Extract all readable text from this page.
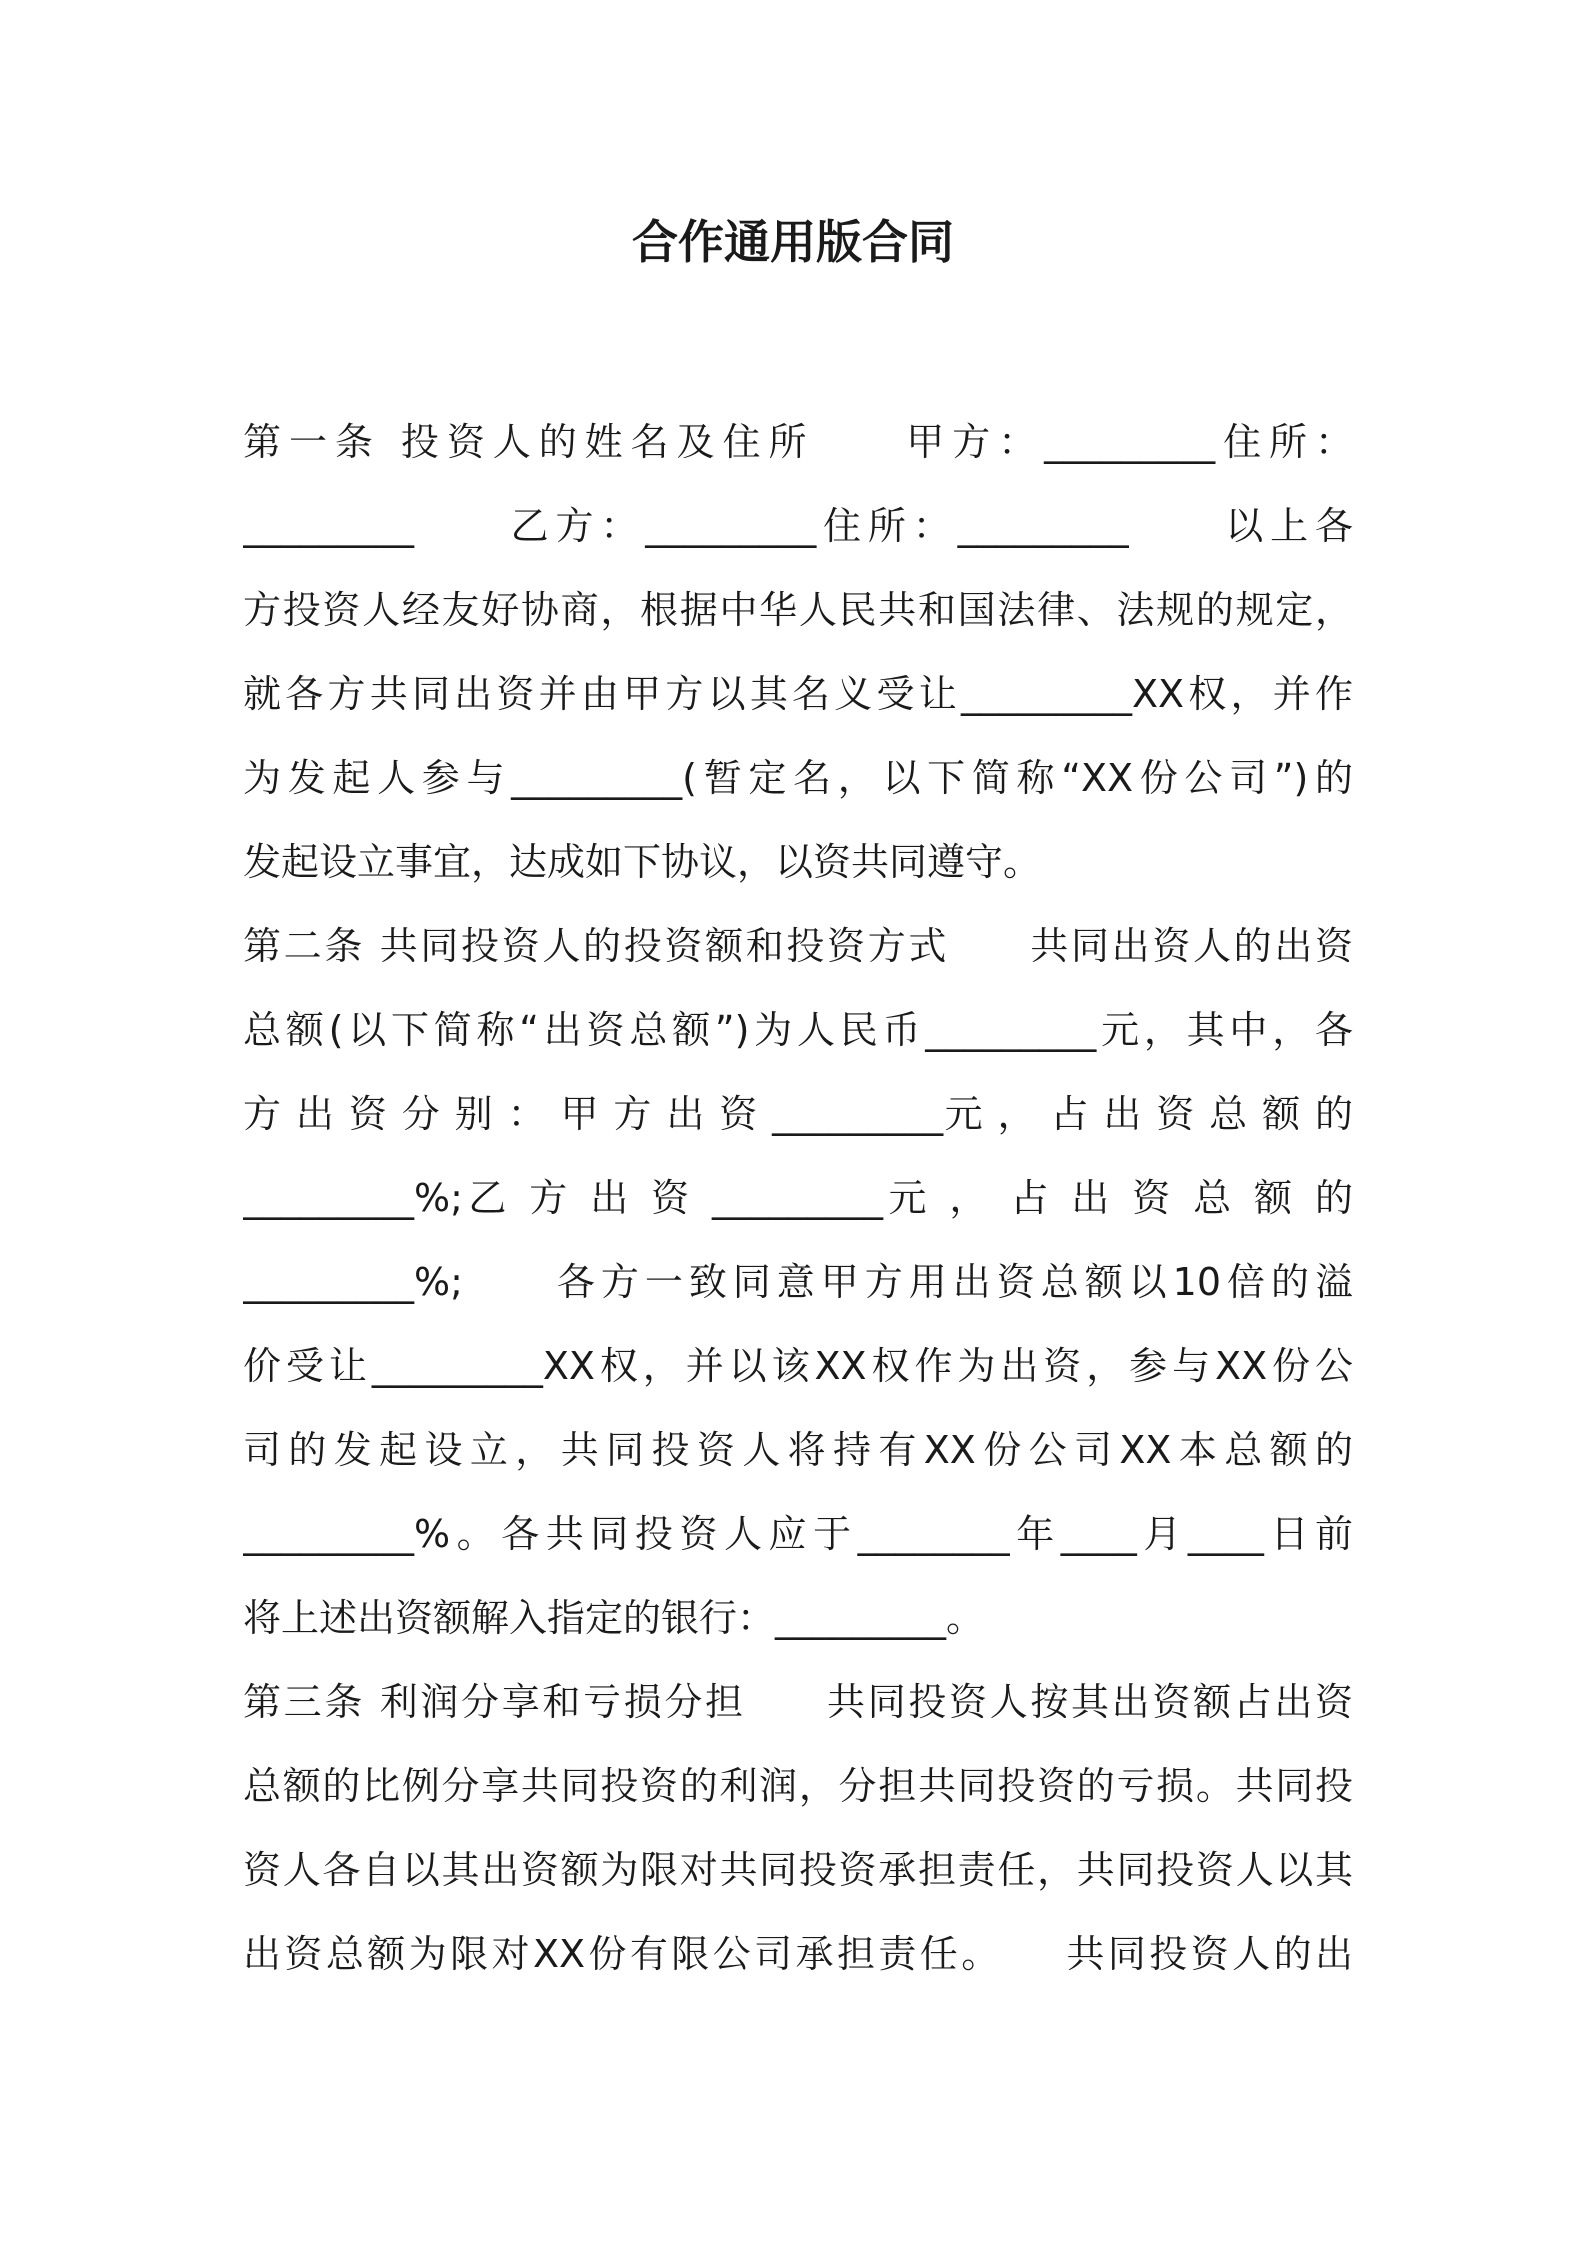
合作通用版合同
第一条 投资人的姓名及住所　　甲方：_________住所：
_________　　乙方：_________住所：_________　　以上各
方投资人经友好协商，根据中华人民共和国法律、法规的规定，
就各方共同出资并由甲方以其名义受让_________XX权，并作
为发起人参与_________(暂定名，以下简称“XX份公司”)的
发起设立事宜，达成如下协议，以资共同遵守。
第二条 共同投资人的投资额和投资方式　　共同出资人的出资
总额(以下简称“出资总额”)为人民币_________元，其中，各
方 出 资 分 别 ： 甲 方 出 资 _________元 ， 占 出 资 总 额 的
_________%;乙 方 出 资 _________元 ， 占 出 资 总 额 的
_________%;　　各方一致同意甲方用出资总额以10倍的溢
价受让_________XX权，并以该XX权作为出资，参与XX份公
司的发起设立，共同投资人将持有XX份公司XX本总额的
_________%。各共同投资人应于________年____月____日前
将上述出资额解入指定的银行：_________。
第三条 利润分享和亏损分担　　共同投资人按其出资额占出资
总额的比例分享共同投资的利润，分担共同投资的亏损。共同投
资人各自以其出资额为限对共同投资承担责任，共同投资人以其
出资总额为限对XX份有限公司承担责任。　　共同投资人的出
